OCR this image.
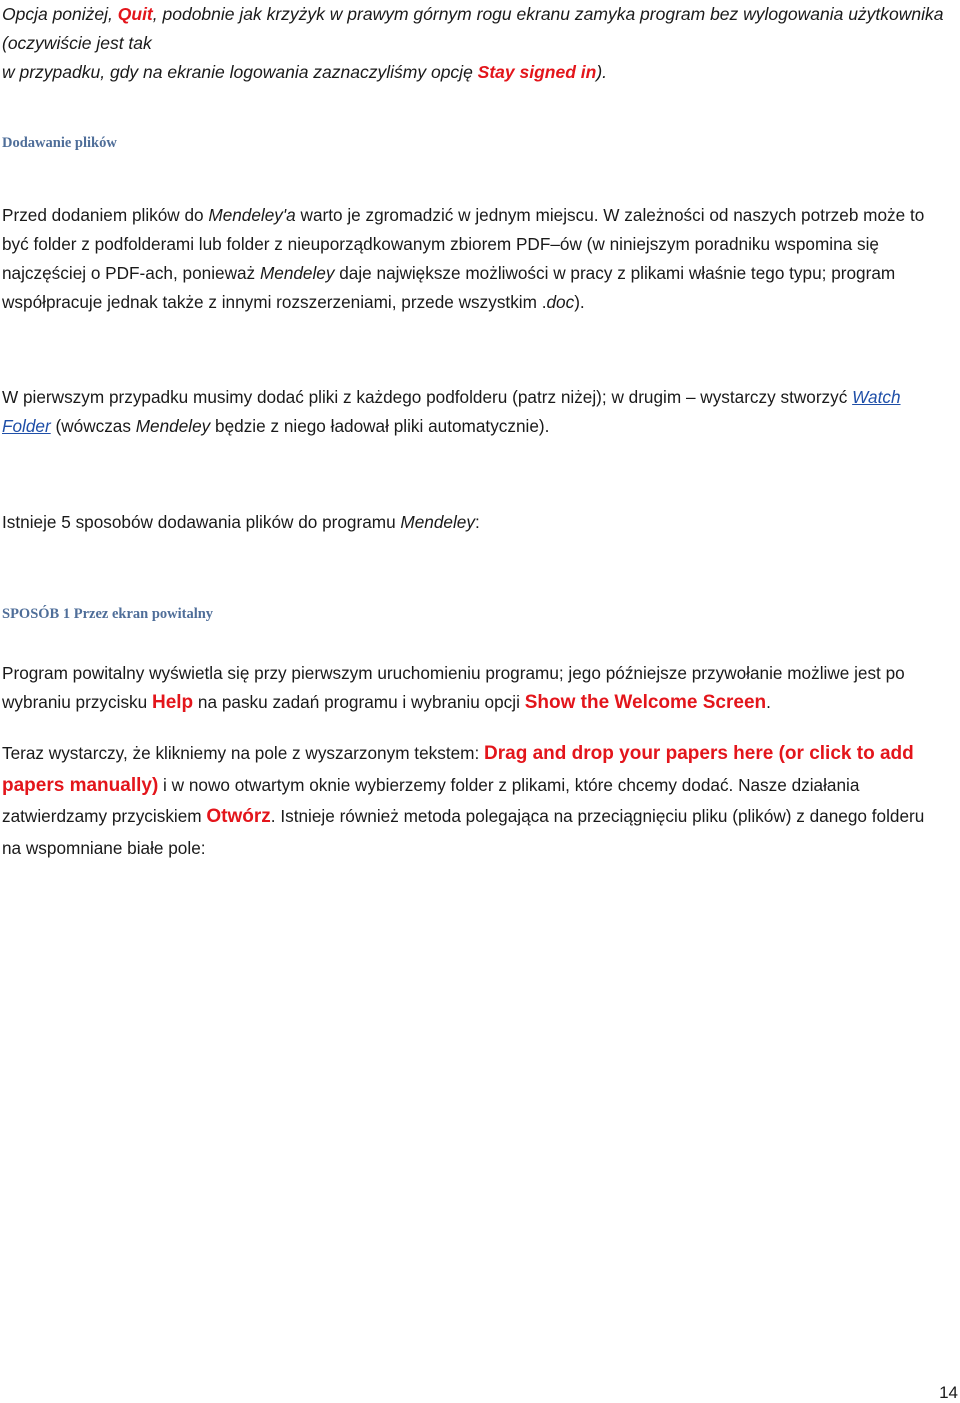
Opcja poniżej, Quit, podobnie jak krzyżyk w prawym górnym rogu ekranu zamyka program bez wylogowania użytkownika (oczywiście jest tak
w przypadku, gdy na ekranie logowania zaznaczyliśmy opcję Stay signed in).

Dodawanie plików

Przed dodaniem plików do Mendeley'a warto je zgromadzić w jednym miejscu. W zależności od naszych potrzeb może to być folder z podfolderami lub folder z nieuporządkowanym zbiorem PDF–ów (w niniejszym poradniku wspomina się najczęściej o PDF-ach, ponieważ Mendeley daje największe możliwości w pracy z plikami właśnie tego typu; program współpracuje jednak także z innymi rozszerzeniami, przede wszystkim .doc).

W pierwszym przypadku musimy dodać pliki z każdego podfolderu (patrz niżej); w drugim – wystarczy stworzyć Watch Folder (wówczas Mendeley będzie z niego ładował pliki automatycznie).

Istnieje 5 sposobów dodawania plików do programu Mendeley:

SPOSÓB 1 Przez ekran powitalny

Program powitalny wyświetla się przy pierwszym uruchomieniu programu; jego późniejsze przywołanie możliwe jest po wybraniu przycisku Help na pasku zadań programu i wybraniu opcji Show the Welcome Screen.

Teraz wystarczy, że klikniemy na pole z wyszarzonym tekstem: Drag and drop your papers here (or click to add papers manually) i w nowo otwartym oknie wybierzemy folder z plikami, które chcemy dodać. Nasze działania zatwierdzamy przyciskiem Otwórz. Istnieje również metoda polegająca na przeciągnięciu pliku (plików) z danego folderu na wspomniane białe pole:

14
